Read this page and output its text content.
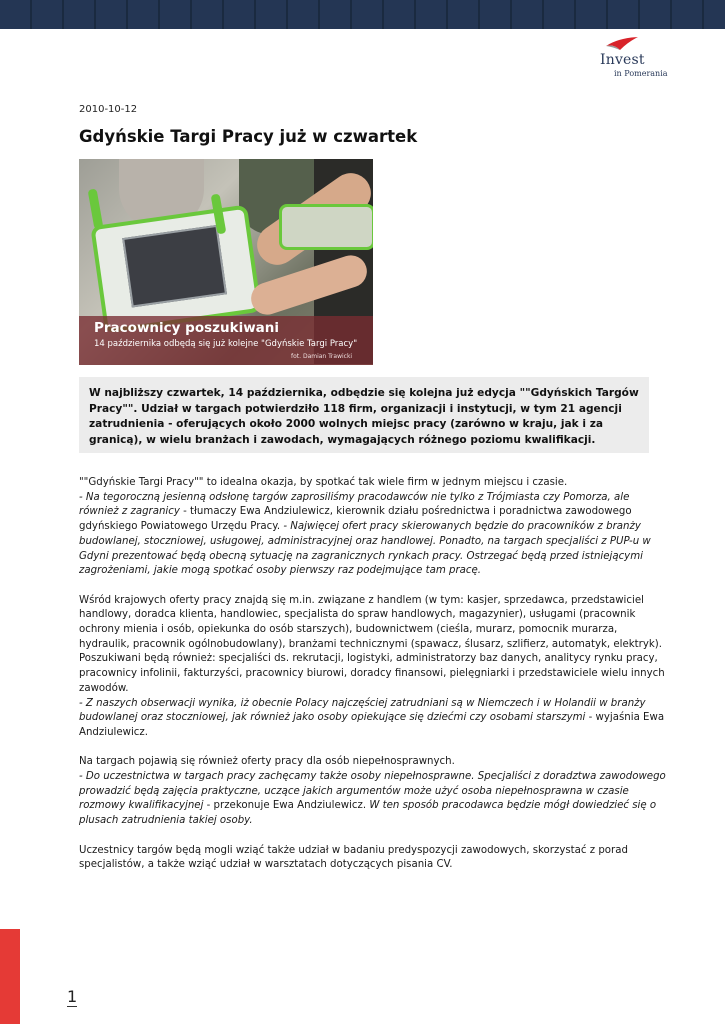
Invest
in Pomerania
2010-10-12
Gdyńskie Targi Pracy już w czwartek
Pracownicy poszukiwani
14 października odbędą się już kolejne "Gdyńskie Targi Pracy"
fot. Damian Trawicki
W najbliższy czwartek, 14 października, odbędzie się kolejna już edycja ""Gdyńskich Targów Pracy"". Udział w targach potwierdziło 118 firm, organizacji i instytucji, w tym 21 agencji zatrudnienia - oferujących około 2000 wolnych miejsc pracy (zarówno w kraju, jak i za granicą), w wielu branżach i zawodach, wymagających różnego poziomu kwalifikacji.

""Gdyńskie Targi Pracy"" to idealna okazja, by spotkać tak wiele firm w jednym miejscu i czasie.
- Na tegoroczną jesienną odsłonę targów zaprosiliśmy pracodawców nie tylko z Trójmiasta czy Pomorza, ale również z zagranicy - tłumaczy Ewa Andziulewicz, kierownik działu pośrednictwa i poradnictwa zawodowego gdyńskiego Powiatowego Urzędu Pracy. - Najwięcej ofert pracy skierowanych będzie do pracowników z branży budowlanej, stoczniowej, usługowej, administracyjnej oraz handlowej. Ponadto, na targach specjaliści z PUP-u w Gdyni prezentować będą obecną sytuację na zagranicznych rynkach pracy. Ostrzegać będą przed istniejącymi zagrożeniami, jakie mogą spotkać osoby pierwszy raz podejmujące tam pracę.

Wśród krajowych oferty pracy znajdą się m.in. związane z handlem (w tym: kasjer, sprzedawca, przedstawiciel handlowy, doradca klienta, handlowiec, specjalista do spraw handlowych, magazynier), usługami (pracownik ochrony mienia i osób, opiekunka do osób starszych), budownictwem (cieśla, murarz, pomocnik murarza, hydraulik, pracownik ogólnobudowlany), branżami technicznymi (spawacz, ślusarz, szlifierz, automatyk, elektryk). Poszukiwani będą również: specjaliści ds. rekrutacji, logistyki, administratorzy baz danych, analitycy rynku pracy, pracownicy infolinii, fakturzyści, pracownicy biurowi, doradcy finansowi, pielęgniarki i przedstawiciele wielu innych zawodów.
- Z naszych obserwacji wynika, iż obecnie Polacy najczęściej zatrudniani są w Niemczech i w Holandii w branży budowlanej oraz stoczniowej, jak również jako osoby opiekujące się dziećmi czy osobami starszymi - wyjaśnia Ewa Andziulewicz.

Na targach pojawią się również oferty pracy dla osób niepełnosprawnych.
- Do uczestnictwa w targach pracy zachęcamy także osoby niepełnosprawne. Specjaliści z doradztwa zawodowego prowadzić będą zajęcia praktyczne, uczące jakich argumentów może użyć osoba niepełnosprawna w czasie rozmowy kwalifikacyjnej - przekonuje Ewa Andziulewicz. W ten sposób pracodawca będzie mógł dowiedzieć się o plusach zatrudnienia takiej osoby.

Uczestnicy targów będą mogli wziąć także udział w badaniu predyspozycji zawodowych, skorzystać z porad specjalistów, a także wziąć udział w warsztatach dotyczących pisania CV.

1
